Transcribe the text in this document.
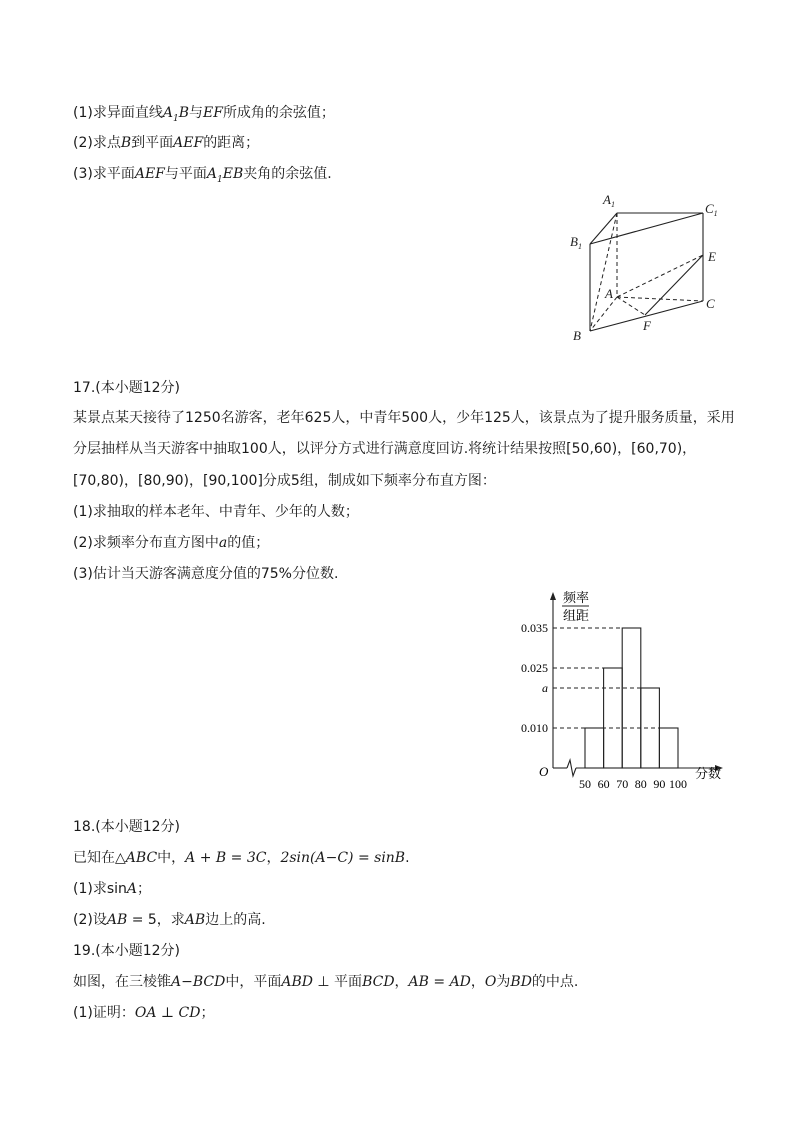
(1)求异面直线$A_1B$与EF所成角的余弦值；
(2)求点B到平面AEF的距离；
(3)求平面AEF与平面$A_1EB$夹角的余弦值.
$A_1$	$C_1$
$B_1$
E
A
C
F
B
17.(本小题12分)
某景点某天接待了1250名游客，老年625人，中青年500人，少年125人，该景点为了提升服务质量，采用
分层抽样从当天游客中抽取100人，以评分方式进行满意度回访.将统计结果按照[50,60)，[60,70)，
[70,80)，[80,90)，[90,100]分成5组，制成如下频率分布直方图：
(1)求抽取的样本老年、中青年、少年的人数；
(2)求频率分布直方图中a的值；
(3)估计当天游客满意度分值的75%分位数.
频率
组距
O	分数
0.035
0.025
a
0.010
50 60 70 80 90 100
18.(本小题12分)
已知在△ABC中，A + B = 3C，2sin(A−C) = sinB.
(1)求sinA；
(2)设AB = 5，求AB边上的高.
19.(本小题12分)
如图，在三棱锥A−BCD中，平面ABD ⊥ 平面BCD，AB = AD，O为BD的中点.
(1)证明：OA ⊥ CD；
